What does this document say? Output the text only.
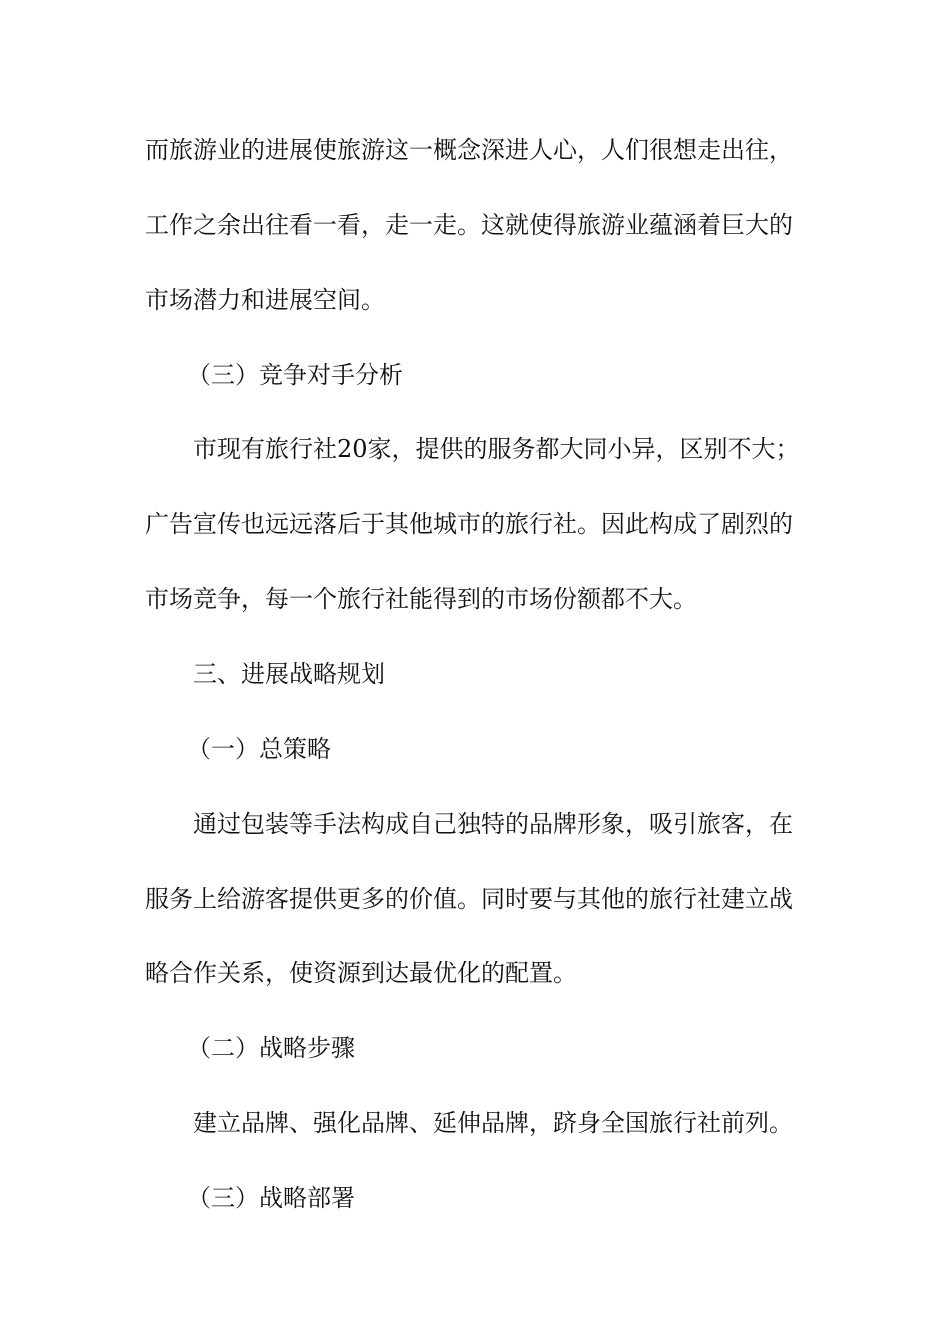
而旅游业的进展使旅游这一概念深进人心，人们很想走出往，
工作之余出往看一看，走一走。这就使得旅游业蕴涵着巨大的
市场潜力和进展空间。
（三）竞争对手分析
市现有旅行社20家，提供的服务都大同小异，区别不大；
广告宣传也远远落后于其他城市的旅行社。因此构成了剧烈的
市场竞争，每一个旅行社能得到的市场份额都不大。
三、进展战略规划
（一）总策略
通过包装等手法构成自己独特的品牌形象，吸引旅客，在
服务上给游客提供更多的价值。同时要与其他的旅行社建立战
略合作关系，使资源到达最优化的配置。
（二）战略步骤
建立品牌、强化品牌、延伸品牌，跻身全国旅行社前列。
（三）战略部署
